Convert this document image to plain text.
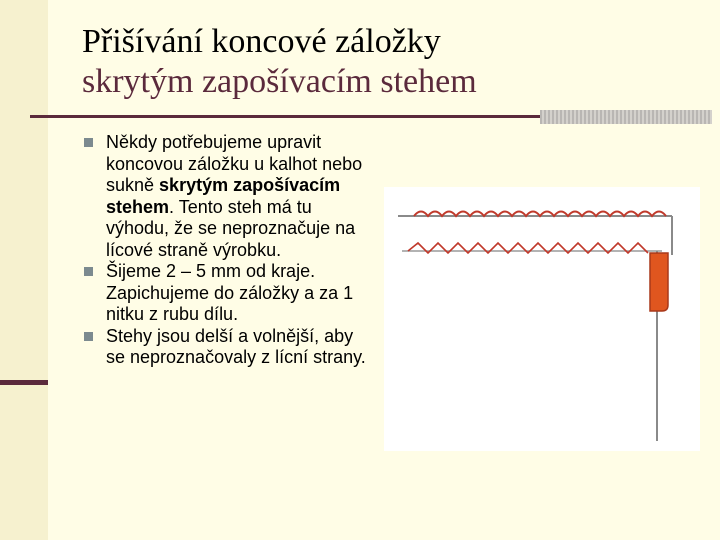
Přišívání koncové záložky
skrytým zapošívacím stehem
Někdy potřebujeme upravit koncovou záložku u kalhot nebo sukně skrytým zapošívacím stehem. Tento steh má tu výhodu, že se neproznačuje na lícové straně výrobku.
Šijeme 2 – 5 mm od kraje. Zapichujeme do záložky a za 1 nitku z rubu dílu.
Stehy jsou delší a volnější, aby se neproznačovaly z lícní strany.
